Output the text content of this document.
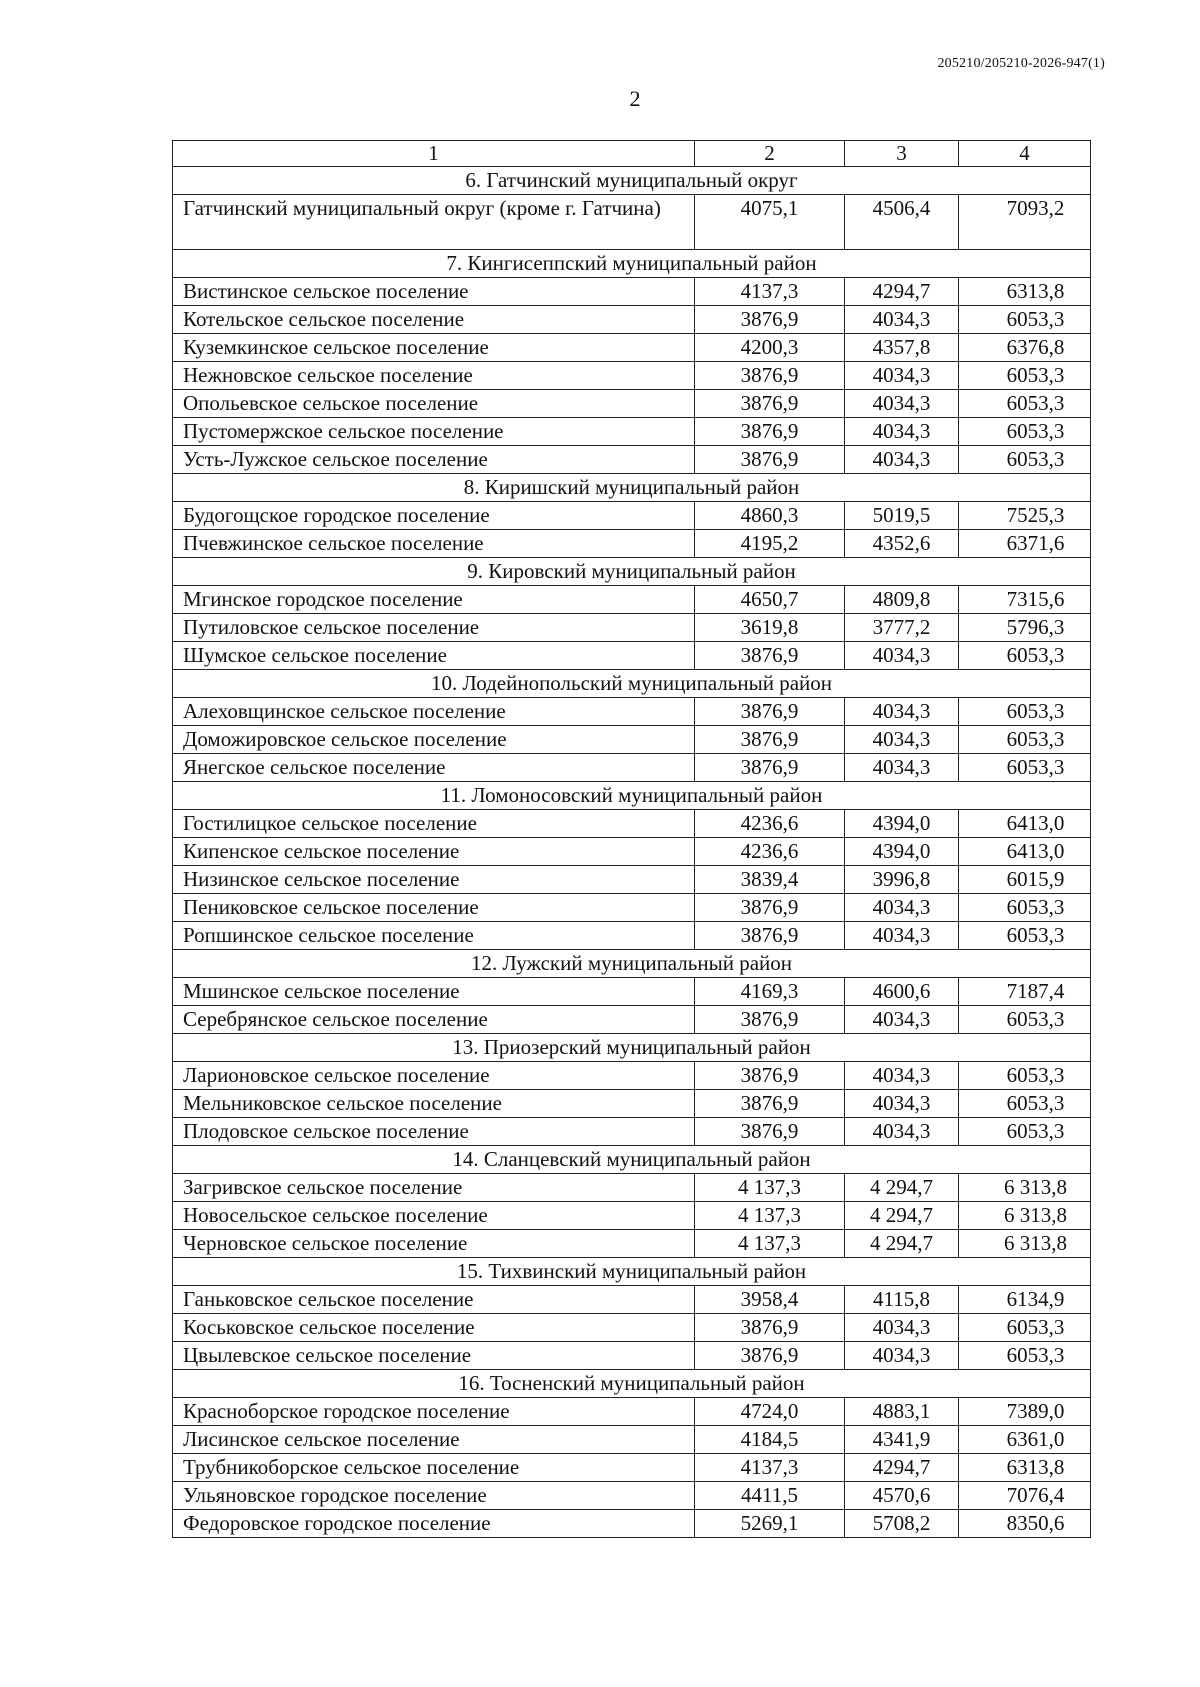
205210/205210-2026-947(1)
2
1	2	3	4
6. Гатчинский муниципальный округ			
Гатчинский муниципальный округ (кроме г. Гатчина)	4075,1	4506,4	7093,2
7. Кингисеппский муниципальный район			
Вистинское сельское поселение	4137,3	4294,7	6313,8
Котельское сельское поселение	3876,9	4034,3	6053,3
Куземкинское сельское поселение	4200,3	4357,8	6376,8
Нежновское сельское поселение	3876,9	4034,3	6053,3
Опольевское сельское поселение	3876,9	4034,3	6053,3
Пустомержское сельское поселение	3876,9	4034,3	6053,3
Усть-Лужское сельское поселение	3876,9	4034,3	6053,3
8. Киришский муниципальный район			
Будогощское городское поселение	4860,3	5019,5	7525,3
Пчевжинское сельское поселение	4195,2	4352,6	6371,6
9. Кировский муниципальный район			
Мгинское городское поселение	4650,7	4809,8	7315,6
Путиловское сельское поселение	3619,8	3777,2	5796,3
Шумское сельское поселение	3876,9	4034,3	6053,3
10. Лодейнопольский муниципальный район			
Алеховщинское сельское поселение	3876,9	4034,3	6053,3
Доможировское сельское поселение	3876,9	4034,3	6053,3
Янегское сельское поселение	3876,9	4034,3	6053,3
11. Ломоносовский муниципальный район			
Гостилицкое сельское поселение	4236,6	4394,0	6413,0
Кипенское сельское поселение	4236,6	4394,0	6413,0
Низинское сельское поселение	3839,4	3996,8	6015,9
Пениковское сельское поселение	3876,9	4034,3	6053,3
Ропшинское сельское поселение	3876,9	4034,3	6053,3
12. Лужский муниципальный район			
Мшинское сельское поселение	4169,3	4600,6	7187,4
Серебрянское сельское поселение	3876,9	4034,3	6053,3
13. Приозерский муниципальный район			
Ларионовское сельское поселение	3876,9	4034,3	6053,3
Мельниковское сельское поселение	3876,9	4034,3	6053,3
Плодовское сельское поселение	3876,9	4034,3	6053,3
14. Сланцевский муниципальный район			
Загривское сельское поселение	4 137,3	4 294,7	6 313,8
Новосельское сельское поселение	4 137,3	4 294,7	6 313,8
Черновское сельское поселение	4 137,3	4 294,7	6 313,8
15. Тихвинский муниципальный район			
Ганьковское сельское поселение	3958,4	4115,8	6134,9
Коськовское сельское поселение	3876,9	4034,3	6053,3
Цвылевское сельское поселение	3876,9	4034,3	6053,3
16. Тосненский муниципальный район			
Красноборское городское поселение	4724,0	4883,1	7389,0
Лисинское сельское поселение	4184,5	4341,9	6361,0
Трубникоборское сельское поселение	4137,3	4294,7	6313,8
Ульяновское городское поселение	4411,5	4570,6	7076,4
Федоровское городское поселение	5269,1	5708,2	8350,6
